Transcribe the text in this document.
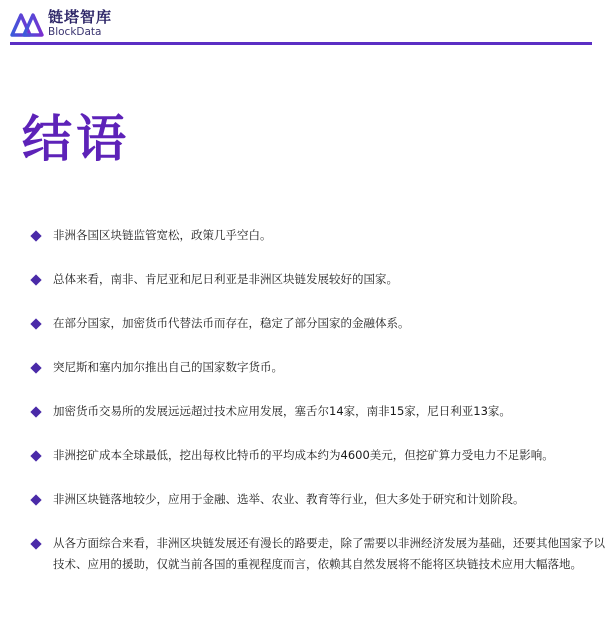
链塔智库
BlockData
结语
非洲各国区块链监管宽松，政策几乎空白。
总体来看，南非、肯尼亚和尼日利亚是非洲区块链发展较好的国家。
在部分国家，加密货币代替法币而存在，稳定了部分国家的金融体系。
突尼斯和塞内加尔推出自己的国家数字货币。
加密货币交易所的发展远远超过技术应用发展，塞舌尔14家，南非15家，尼日利亚13家。
非洲挖矿成本全球最低，挖出每枚比特币的平均成本约为4600美元，但挖矿算力受电力不足影响。
非洲区块链落地较少，应用于金融、选举、农业、教育等行业，但大多处于研究和计划阶段。
从各方面综合来看，非洲区块链发展还有漫长的路要走，除了需要以非洲经济发展为基础，还要其他国家予以技术、应用的援助，仅就当前各国的重视程度而言，依赖其自然发展将不能将区块链技术应用大幅落地。
